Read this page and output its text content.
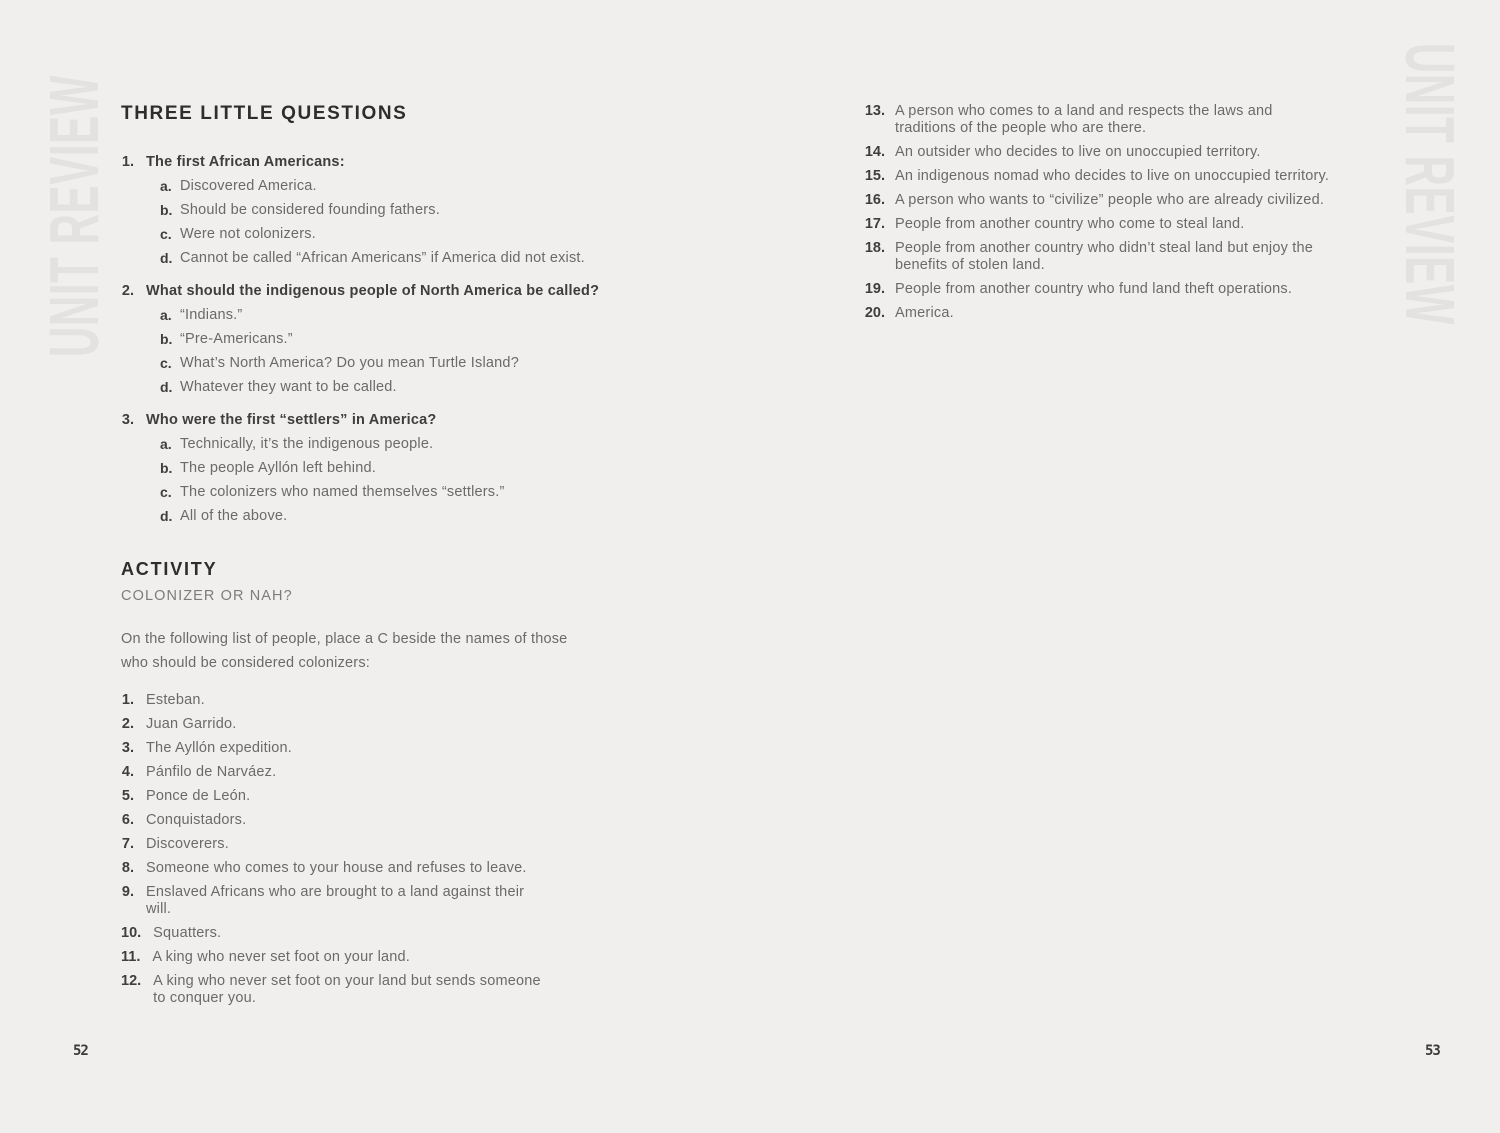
UNIT REVIEW	UNIT REVIEW
THREE LITTLE QUESTIONS
1. The first African Americans:
a. Discovered America.
b. Should be considered founding fathers.
c. Were not colonizers.
d. Cannot be called “African Americans” if America did not exist.
2. What should the indigenous people of North America be called?
a. “Indians.”
b. “Pre-Americans.”
c. What’s North America? Do you mean Turtle Island?
d. Whatever they want to be called.
3. Who were the first “settlers” in America?
a. Technically, it’s the indigenous people.
b. The people Ayllón left behind.
c. The colonizers who named themselves “settlers.”
d. All of the above.
ACTIVITY
COLONIZER OR NAH?
On the following list of people, place a C beside the names of those who should be considered colonizers:
1. Esteban.
2. Juan Garrido.
3. The Ayllón expedition.
4. Pánfilo de Narváez.
5. Ponce de León.
6. Conquistadors.
7. Discoverers.
8. Someone who comes to your house and refuses to leave.
9. Enslaved Africans who are brought to a land against their will.
10. Squatters.
11. A king who never set foot on your land.
12. A king who never set foot on your land but sends someone to conquer you.
13. A person who comes to a land and respects the laws and traditions of the people who are there.
14. An outsider who decides to live on unoccupied territory.
15. An indigenous nomad who decides to live on unoccupied territory.
16. A person who wants to “civilize” people who are already civilized.
17. People from another country who come to steal land.
18. People from another country who didn’t steal land but enjoy the benefits of stolen land.
19. People from another country who fund land theft operations.
20. America.
52	53
